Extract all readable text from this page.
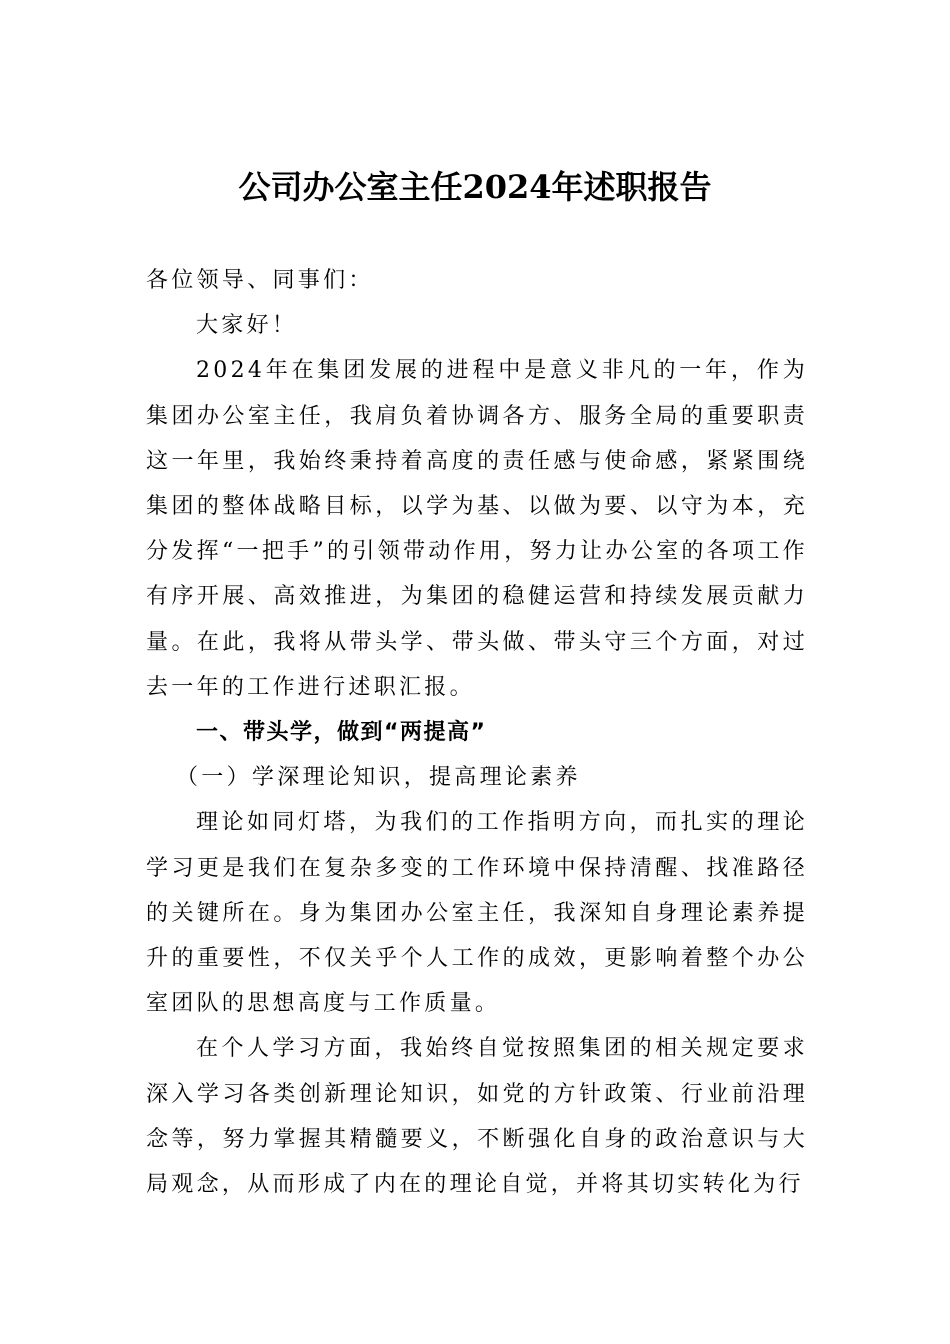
公司办公室主任2024年述职报告

各位领导、同事们：

大家好！

2024年在集团发展的进程中是意义非凡的一年，作为集团办公室主任，我肩负着协调各方、服务全局的重要职责这一年里，我始终秉持着高度的责任感与使命感，紧紧围绕集团的整体战略目标，以学为基、以做为要、以守为本，充分发挥“一把手”的引领带动作用，努力让办公室的各项工作有序开展、高效推进，为集团的稳健运营和持续发展贡献力量。在此，我将从带头学、带头做、带头守三个方面，对过去一年的工作进行述职汇报。

一、带头学，做到“两提高”

（一）学深理论知识，提高理论素养

理论如同灯塔，为我们的工作指明方向，而扎实的理论学习更是我们在复杂多变的工作环境中保持清醒、找准路径的关键所在。身为集团办公室主任，我深知自身理论素养提升的重要性，不仅关乎个人工作的成效，更影响着整个办公室团队的思想高度与工作质量。

在个人学习方面，我始终自觉按照集团的相关规定要求深入学习各类创新理论知识，如党的方针政策、行业前沿理念等，努力掌握其精髓要义，不断强化自身的政治意识与大局观念，从而形成了内在的理论自觉，并将其切实转化为行
